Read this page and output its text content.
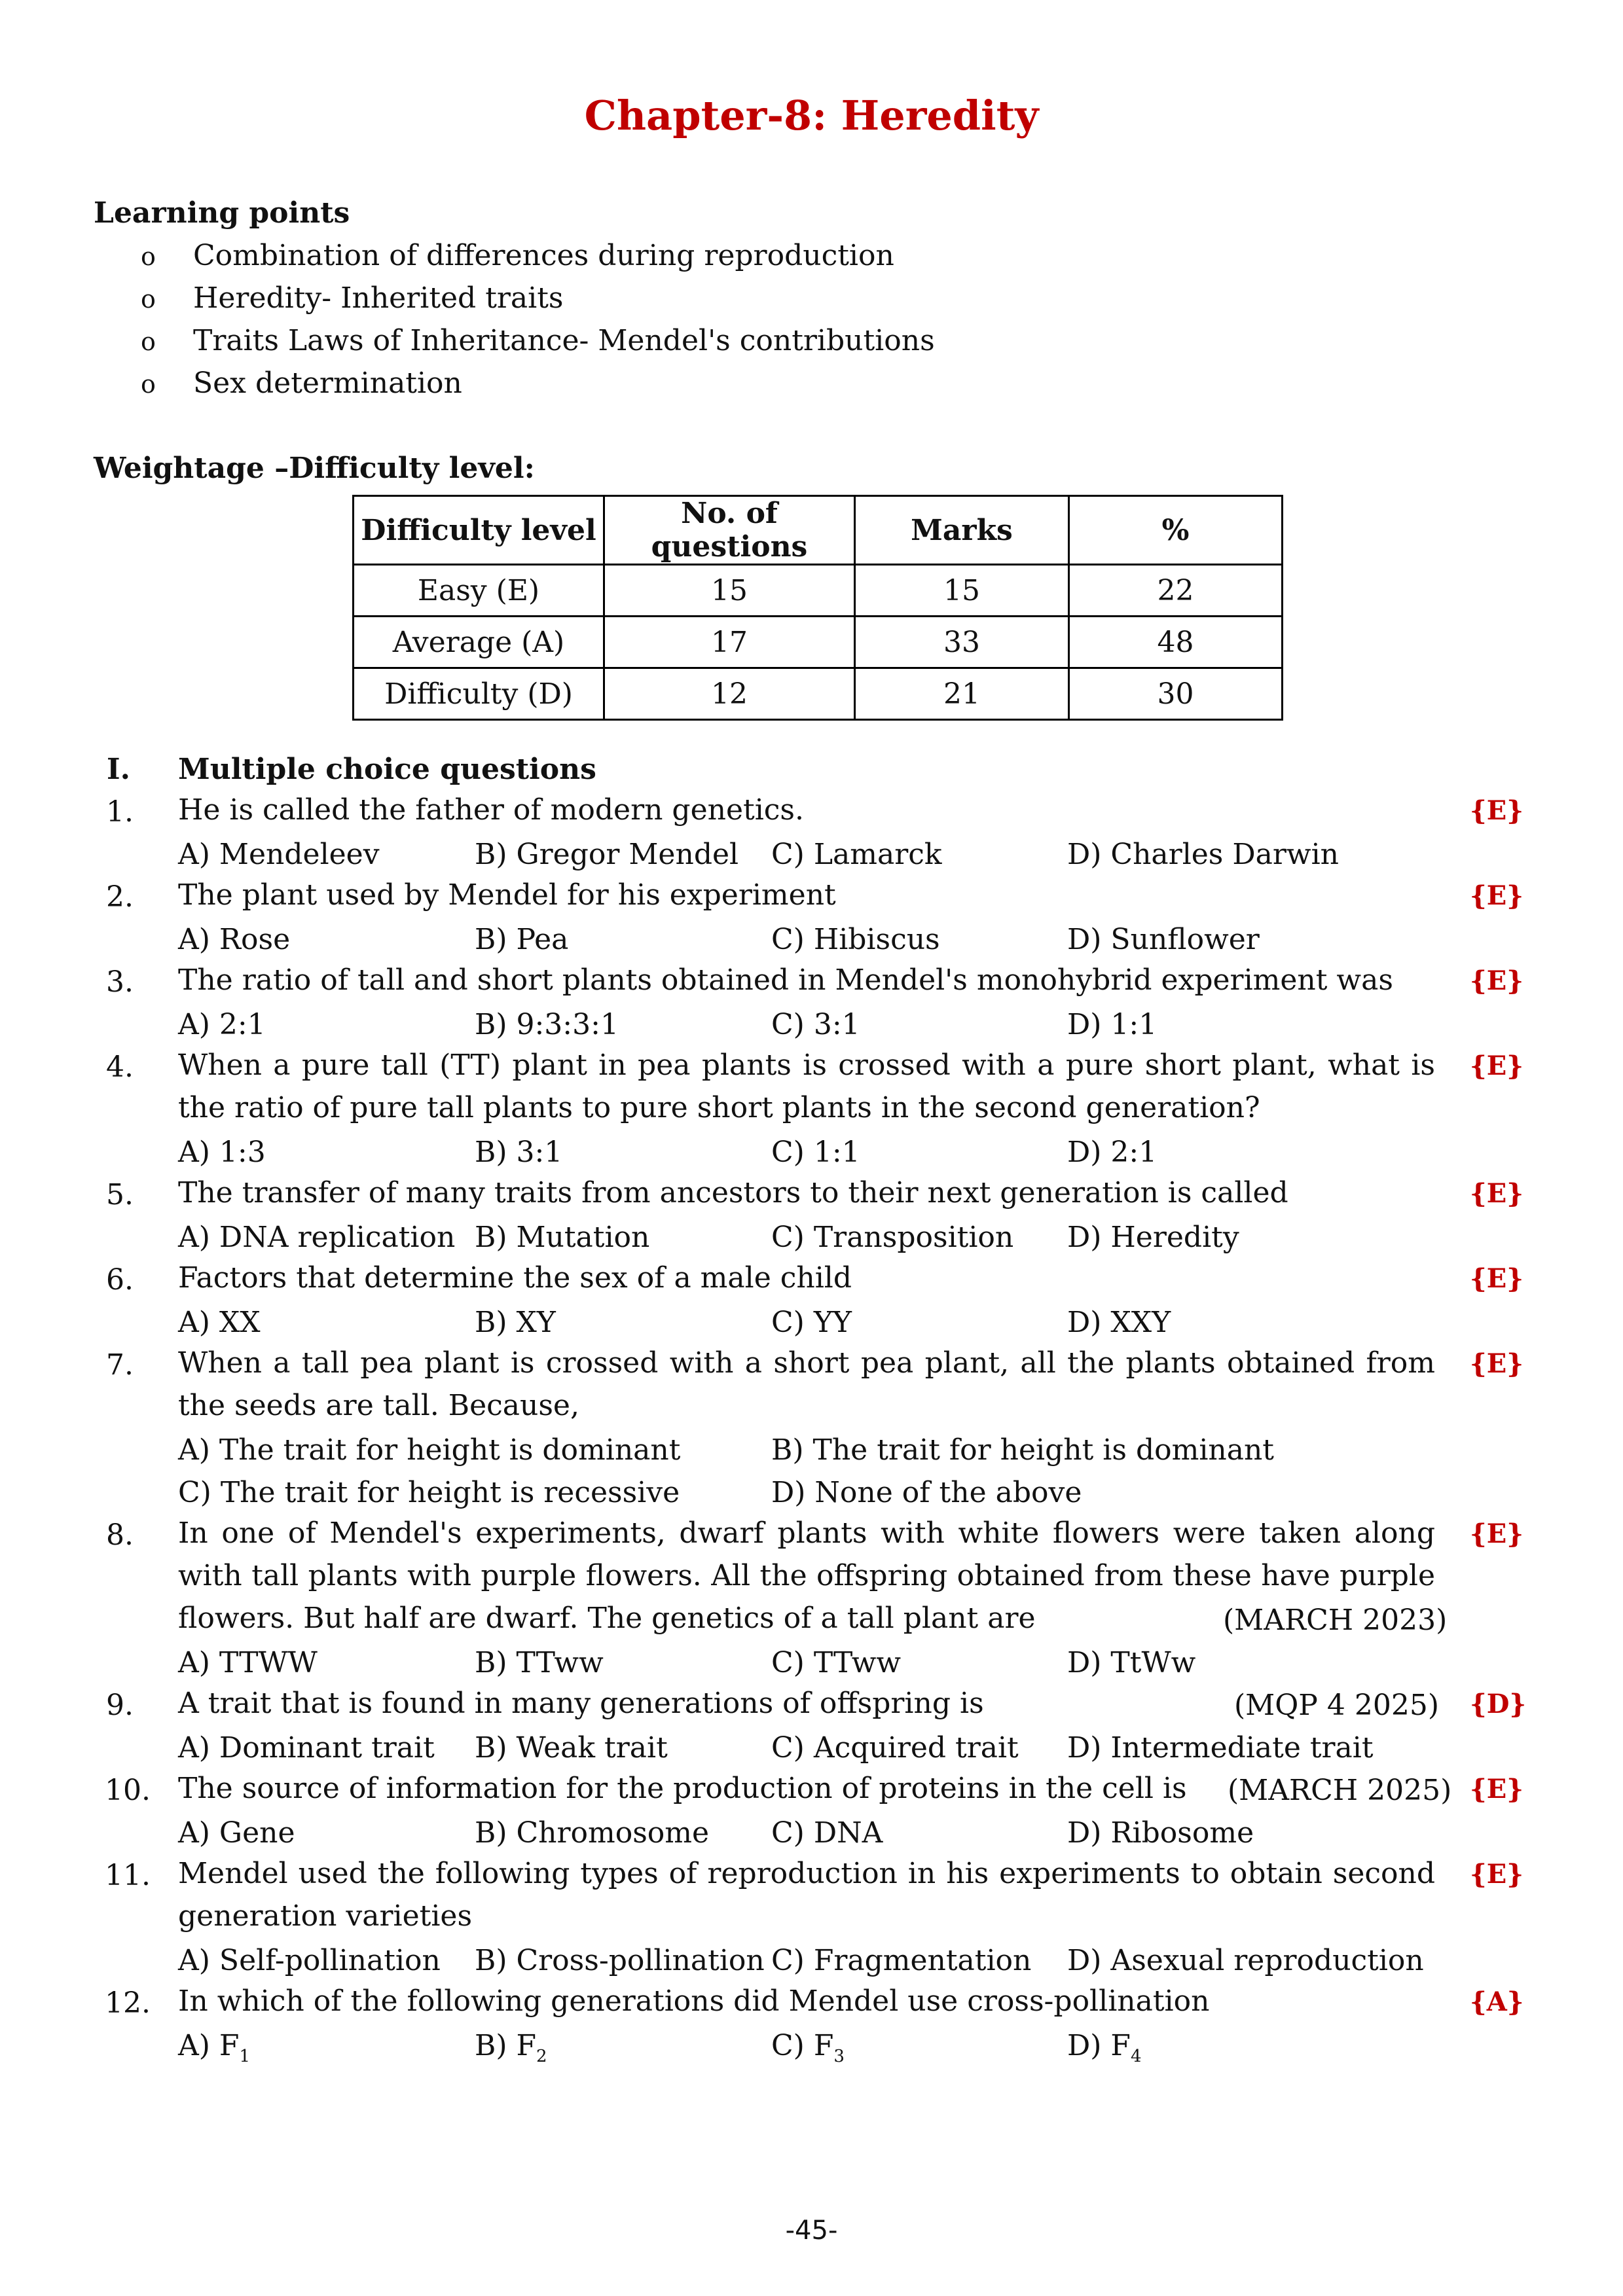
Chapter-8: Heredity
Learning points
o Combination of differences during reproduction
o Heredity- Inherited traits
o Traits Laws of Inheritance- Mendel's contributions
o Sex determination
Weightage –Difficulty level:
Difficulty level	No. of questions	Marks	%
Easy (E)	15	15	22
Average (A)	17	33	48
Difficulty (D)	12	21	30
I. Multiple choice questions
1. He is called the father of modern genetics.	{E}
A) Mendeleev	B) Gregor Mendel C) Lamarck	D) Charles Darwin
2. The plant used by Mendel for his experiment	{E}
A) Rose	B) Pea	C) Hibiscus	D) Sunflower
3. The ratio of tall and short plants obtained in Mendel's monohybrid experiment was	{E}
A) 2:1	B) 9:3:3:1	C) 3:1	D) 1:1
4. When a pure tall (TT) plant in pea plants is crossed with a pure short plant, what is the ratio of pure tall plants to pure short plants in the second generation?
{E}
A) 1:3	B) 3:1	C) 1:1	D) 2:1
5. The transfer of many traits from ancestors to their next generation is called	{E}
A) DNA replication B) Mutation	C) Transposition D) Heredity
6. Factors that determine the sex of a male child	{E}
A) XX	B) XY	C) YY	D) XXY
7. When a tall pea plant is crossed with a short pea plant, all the plants obtained from the seeds are tall. Because,
{E}
A) The trait for height is dominant	B) The trait for height is dominant
C) The trait for height is recessive	D) None of the above
8. In one of Mendel's experiments, dwarf plants with white flowers were taken along with tall plants with purple flowers. All the offspring obtained from these have purple flowers. But half are dwarf. The genetics of a tall plant are	(MARCH 2023)
{E}
A) TTWW	B) TTww	C) TTww	D) TtWw
9. A trait that is found in many generations of offspring is	(MQP 4 2025) {D}
A) Dominant trait B) Weak trait	C) Acquired trait D) Intermediate trait
10. The source of information for the production of proteins in the cell is	(MARCH 2025) {E}
A) Gene	B) Chromosome C) DNA	D) Ribosome
11. Mendel used the following types of reproduction in his experiments to obtain second generation varieties
{E}
A) Self-pollination B) Cross-pollination C) Fragmentation D) Asexual reproduction
12. In which of the following generations did Mendel use cross-pollination	{A}
A) $F_1$	B) $F_2$	C) $F_3$	D) $F_4$
-45-
